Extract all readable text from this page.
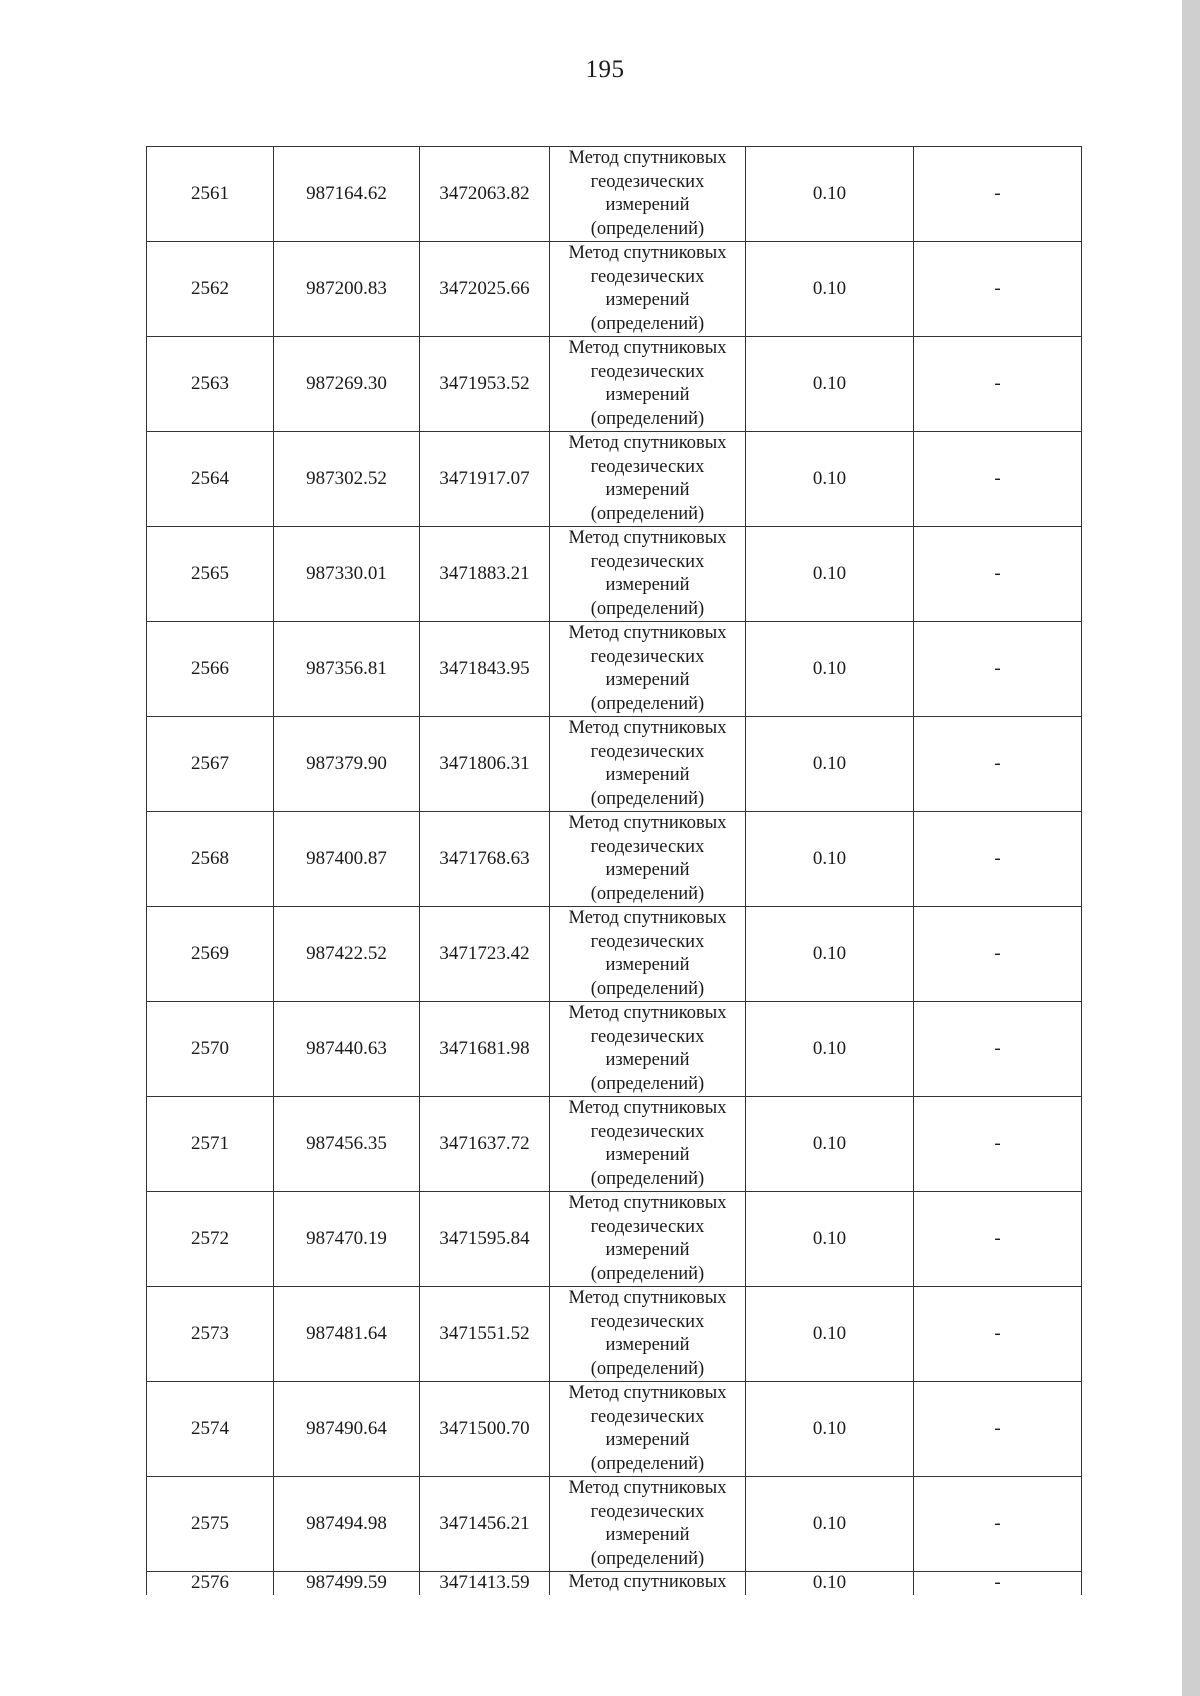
195
2561	987164.62	3472063.82	Метод спутниковых
геодезических
измерений
(определений)	0.10	-
2562	987200.83	3472025.66	Метод спутниковых
геодезических
измерений
(определений)	0.10	-
2563	987269.30	3471953.52	Метод спутниковых
геодезических
измерений
(определений)	0.10	-
2564	987302.52	3471917.07	Метод спутниковых
геодезических
измерений
(определений)	0.10	-
2565	987330.01	3471883.21	Метод спутниковых
геодезических
измерений
(определений)	0.10	-
2566	987356.81	3471843.95	Метод спутниковых
геодезических
измерений
(определений)	0.10	-
2567	987379.90	3471806.31	Метод спутниковых
геодезических
измерений
(определений)	0.10	-
2568	987400.87	3471768.63	Метод спутниковых
геодезических
измерений
(определений)	0.10	-
2569	987422.52	3471723.42	Метод спутниковых
геодезических
измерений
(определений)	0.10	-
2570	987440.63	3471681.98	Метод спутниковых
геодезических
измерений
(определений)	0.10	-
2571	987456.35	3471637.72	Метод спутниковых
геодезических
измерений
(определений)	0.10	-
2572	987470.19	3471595.84	Метод спутниковых
геодезических
измерений
(определений)	0.10	-
2573	987481.64	3471551.52	Метод спутниковых
геодезических
измерений
(определений)	0.10	-
2574	987490.64	3471500.70	Метод спутниковых
геодезических
измерений
(определений)	0.10	-
2575	987494.98	3471456.21	Метод спутниковых
геодезических
измерений
(определений)	0.10	-
2576	987499.59	3471413.59	Метод спутниковых	0.10	-
